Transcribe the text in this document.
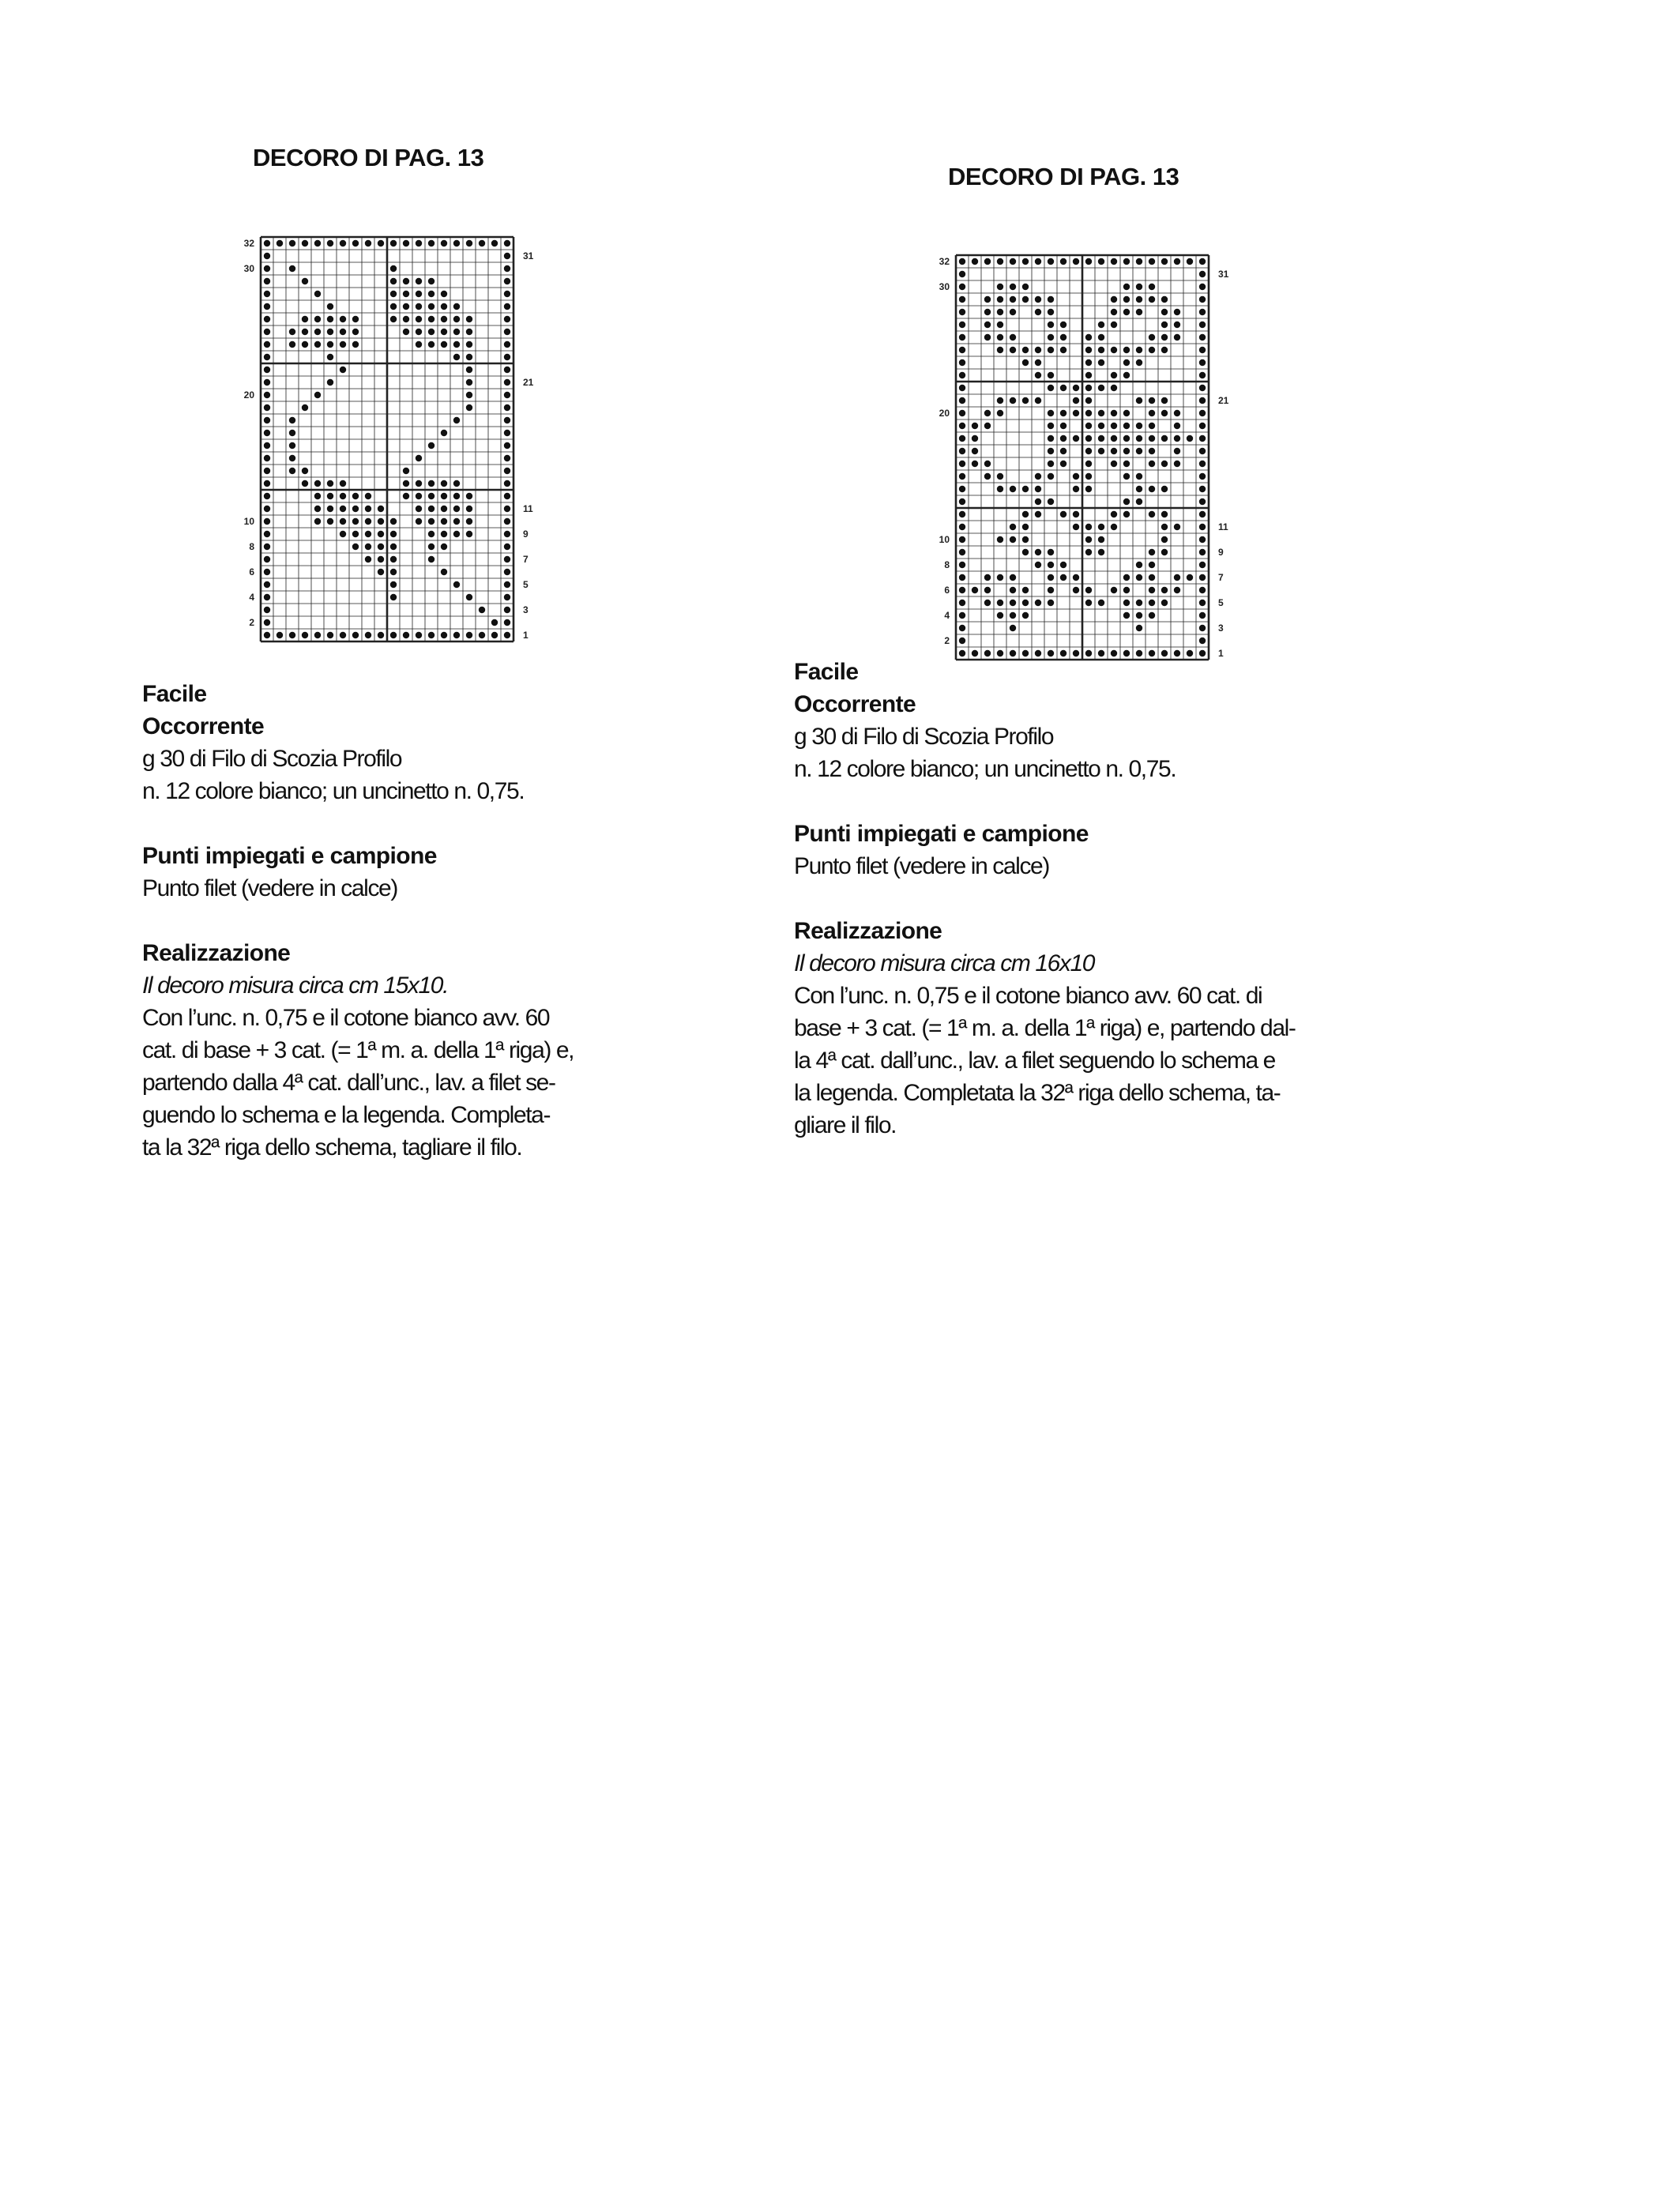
DECORO DI PAG. 13
32
30
20
10
8
6
4
2
31
21
11
9
7
5
3
1
Facile
Occorrente
g 30 di Filo di Scozia Profilo
n. 12 colore bianco; un uncinetto n. 0,75.
Punti impiegati e campione
Punto filet (vedere in calce)
Realizzazione
Il decoro misura circa cm 15x10.
Con l’unc. n. 0,75 e il cotone bianco avv. 60
cat. di base + 3 cat. (= 1ª m. a. della 1ª riga) e,
partendo dalla 4ª cat. dall’unc., lav. a filet se-
guendo lo schema e la legenda. Completa-
ta la 32ª riga dello schema, tagliare il filo.
DECORO DI PAG. 13
32
30
20
10
8
6
4
2
31
21
11
9
7
5
3
1
Facile
Occorrente
g 30 di Filo di Scozia Profilo
n. 12 colore bianco; un uncinetto n. 0,75.
Punti impiegati e campione
Punto filet (vedere in calce)
Realizzazione
Il decoro misura circa cm 16x10
Con l’unc. n. 0,75 e il cotone bianco avv. 60 cat. di
base + 3 cat. (= 1ª m. a. della 1ª riga) e, partendo dal-
la 4ª cat. dall’unc., lav. a filet seguendo lo schema e
la legenda. Completata la 32ª riga dello schema, ta-
gliare il filo.
